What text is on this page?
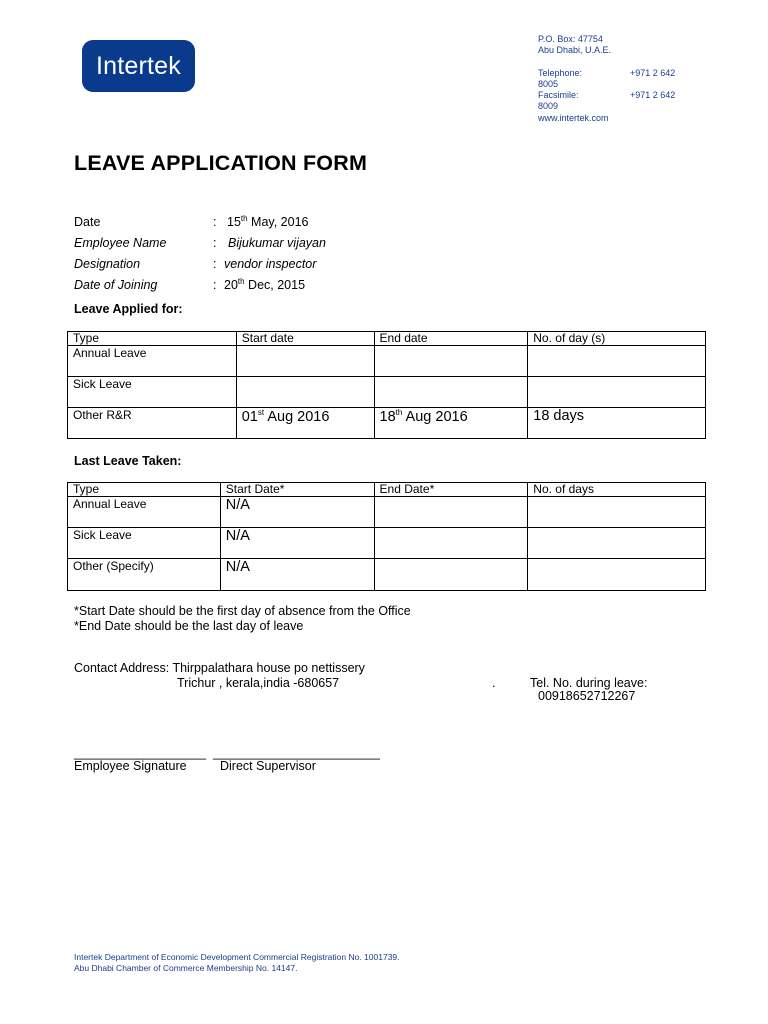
Intertek
P.O. Box: 47754
Abu Dhabi, U.A.E.
Telephone:	+971 2 642
8005
Facsimile:	+971 2 642
8009
www.intertek.com
LEAVE APPLICATION FORM
Date	: 15th May, 2016
Employee Name	: Bijukumar vijayan
Designation	: vendor inspector
Date of Joining	: 20th Dec, 2015
Leave Applied for:
Type	Start date	End date	No. of day (s)
Annual Leave			
Sick Leave			
Other R&R	01st Aug 2016	18th Aug 2016	18 days
Last Leave Taken:
Type	Start Date*	End Date*	No. of days
Annual Leave	N/A		
Sick Leave	N/A		
Other (Specify)	N/A		
*Start Date should be the first day of absence from the Office
*End Date should be the last day of leave
Contact Address: Thirppalathara house po nettissery
Trichur , kerala,india -680657	.	Tel. No. during leave:
00918652712267
___________________ ________________________
Employee Signature	Direct Supervisor
Intertek Department of Economic Development Commercial Registration No. 1001739.
Abu Dhabi Chamber of Commerce Membership No. 14147.
